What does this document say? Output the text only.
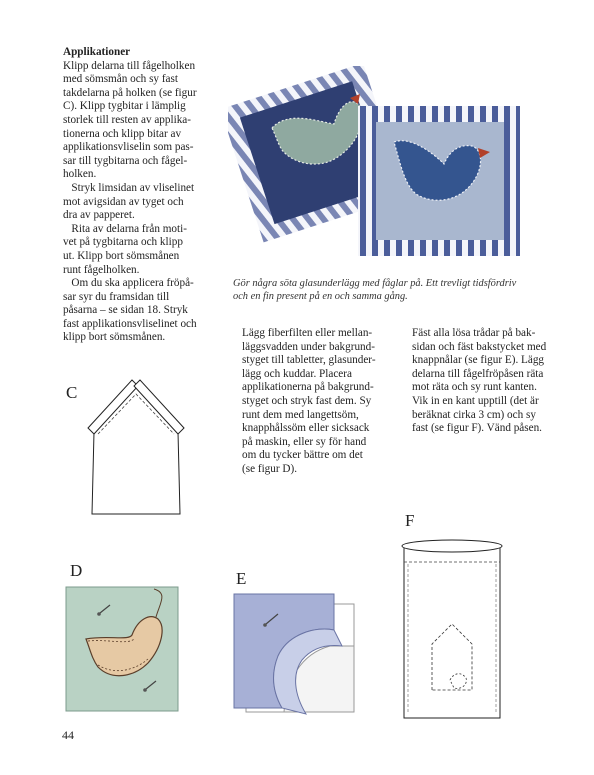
Applikationer
Klipp delarna till fågelholken
med sömsmån och sy fast
takdelarna på holken (se figur
C). Klipp tygbitar i lämplig
storlek till resten av applika-
tionerna och klipp bitar av
applikationsvliselin som pas-
sar till tygbitarna och fågel-
holken.
Stryk limsidan av vliselinet
mot avigsidan av tyget och
dra av papperet.
Rita av delarna från moti-
vet på tygbitarna och klipp
ut. Klipp bort sömsmånen
runt fågelholken.
Om du ska applicera fröpå-
sar syr du framsidan till
påsarna – se sidan 18. Stryk
fast applikationsvliselinet och
klipp bort sömsmånen.
Gör några söta glasunderlägg med fåglar på. Ett trevligt tidsfördriv
och en fin present på en och samma gång.
Lägg fiberfilten eller mellan-
läggsvadden under bakgrund-
styget till tabletter, glasunder-
lägg och kuddar. Placera
applikationerna på bakgrund-
styget och stryk fast dem. Sy
runt dem med langettsöm,
knapphålssöm eller sicksack
på maskin, eller sy för hand
om du tycker bättre om det
(se figur D).
Fäst alla lösa trådar på bak-
sidan och fäst bakstycket med
knappnålar (se figur E). Lägg
delarna till fågelfröpåsen räta
mot räta och sy runt kanten.
Vik in en kant upptill (det är
beräknat cirka 3 cm) och sy
fast (se figur F). Vänd påsen.
C
D	E
F
44
